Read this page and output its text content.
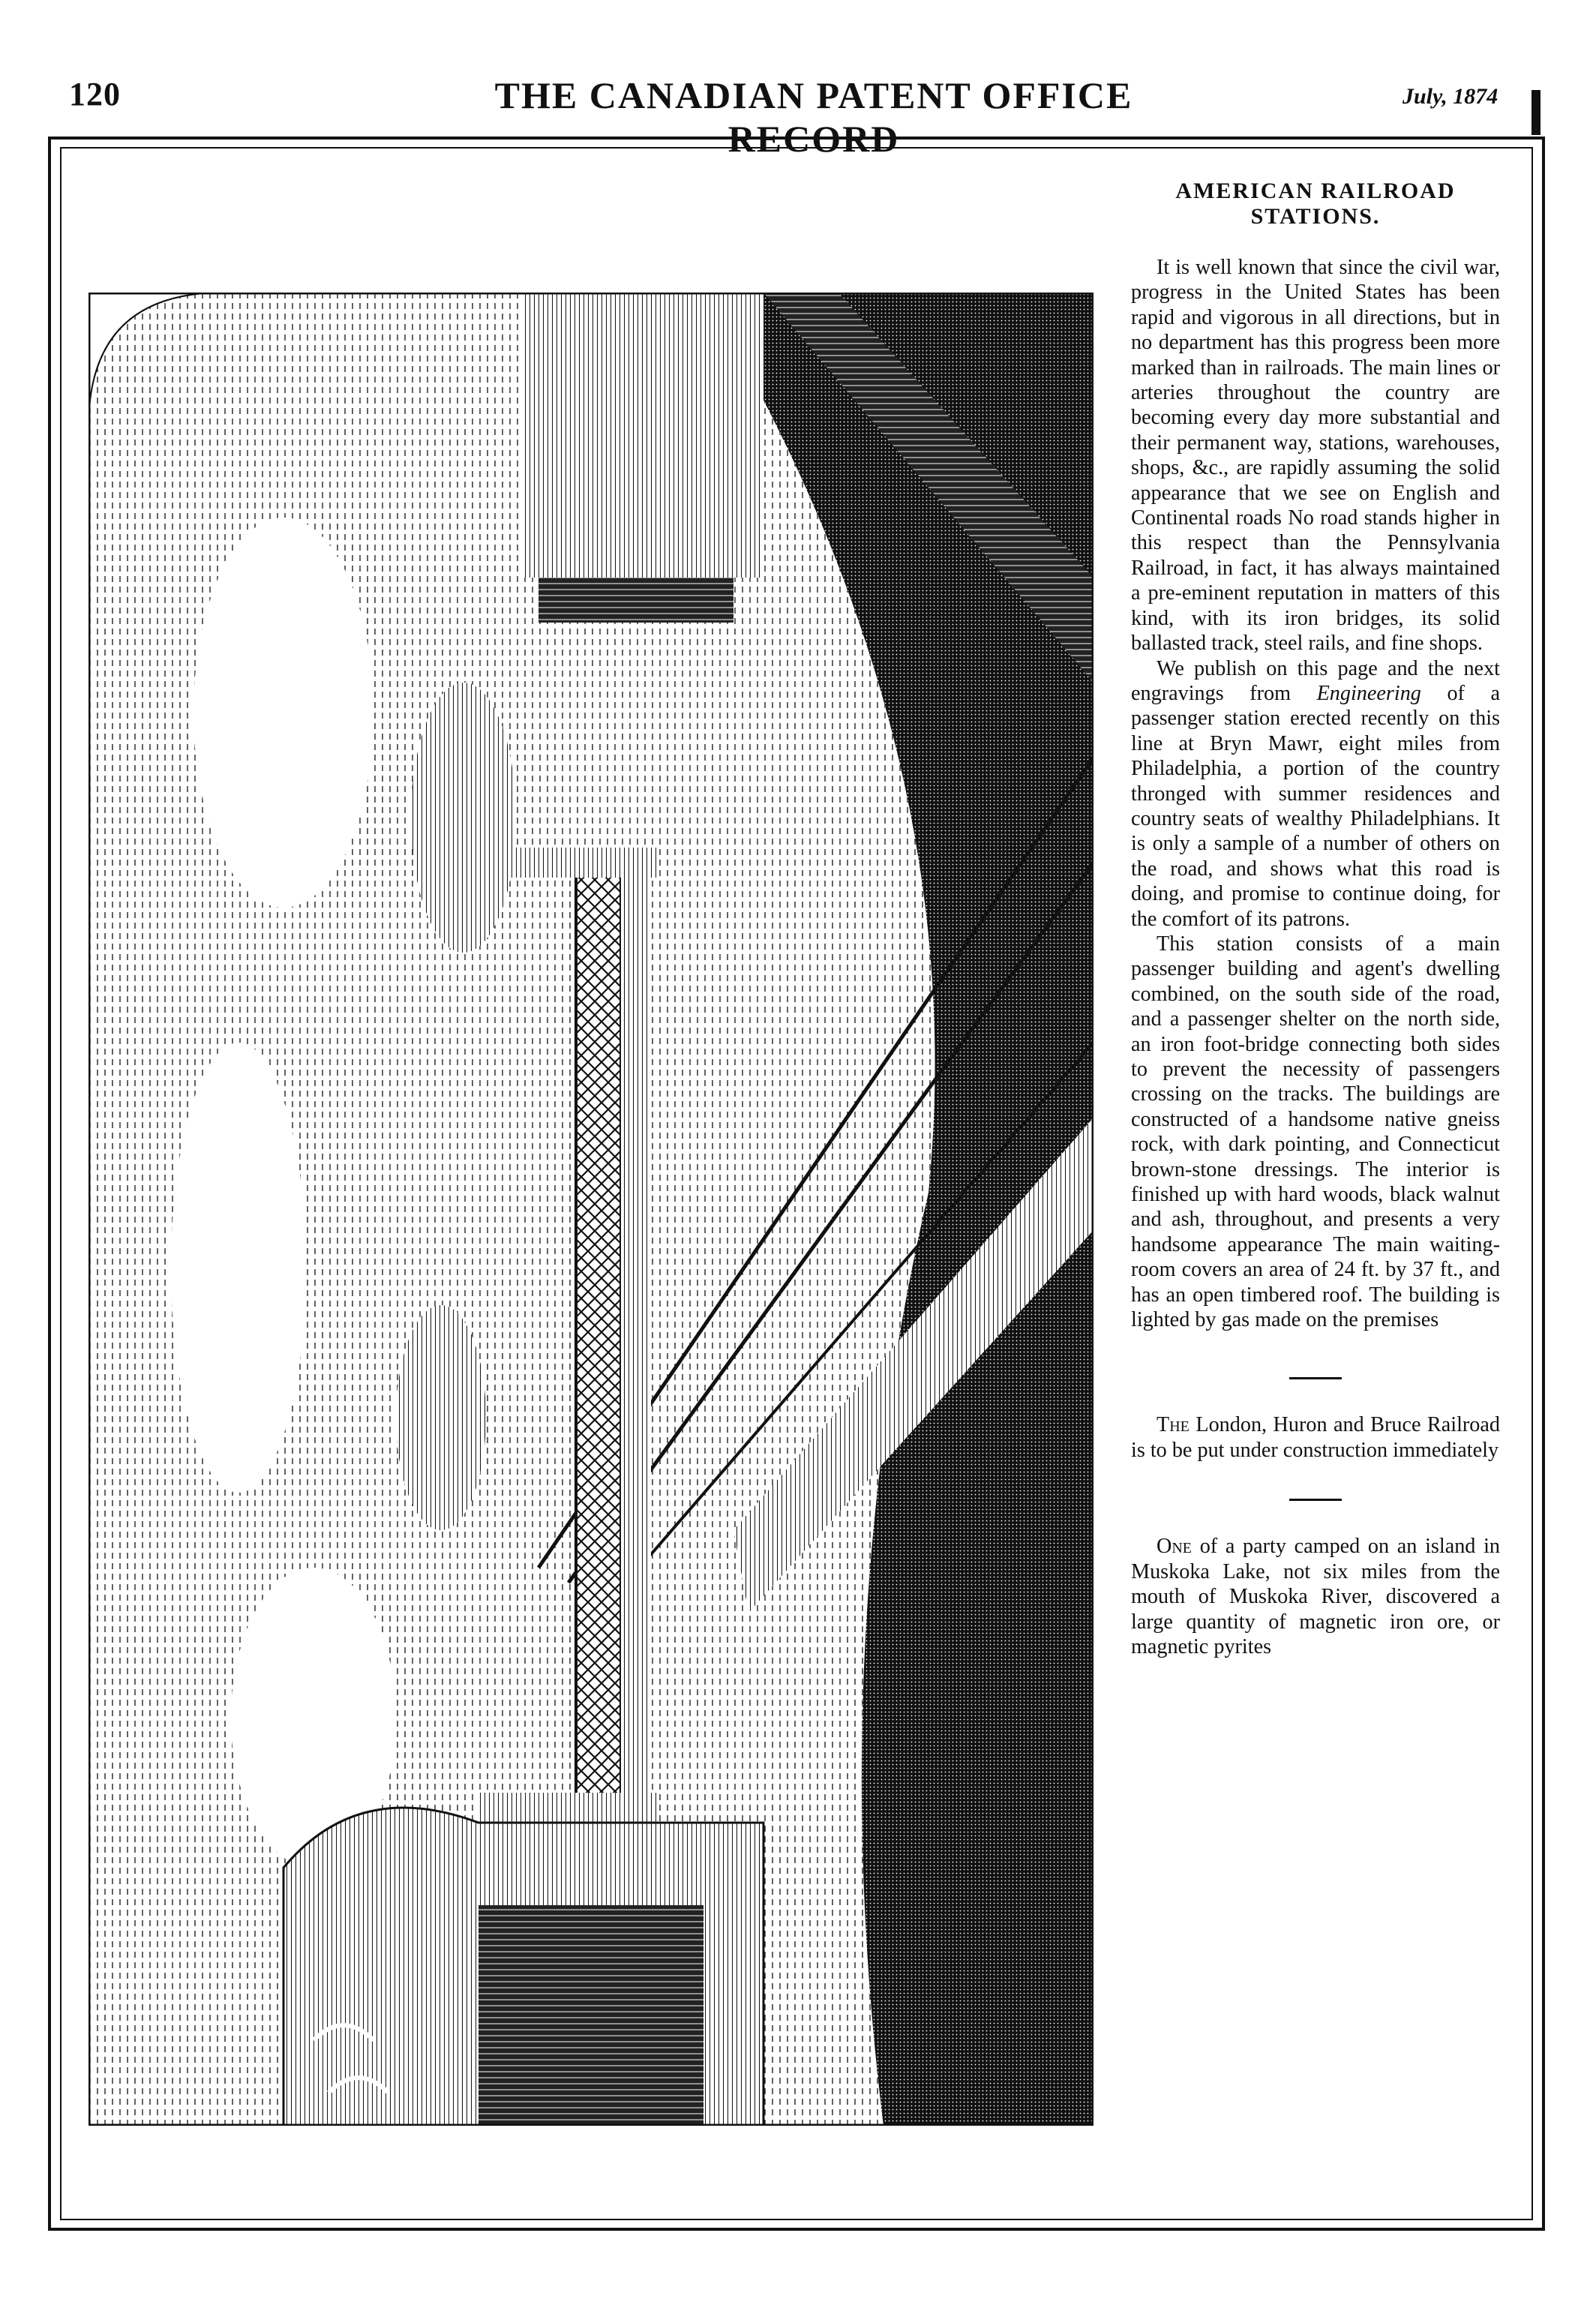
120	THE CANADIAN PATENT OFFICE RECORD
July, 1874
AMERICAN RAILROAD STATIONS.

It is well known that since the civil war, progress in the United States has been rapid and vigorous in all directions, but in no department has this progress been more marked than in railroads. The main lines or arteries throughout the country are becoming every day more substantial and their permanent way, stations, warehouses, shops, &c., are rapidly assuming the solid appearance that we see on English and Continental roads No road stands higher in this respect than the Pennsylvania Railroad, in fact, it has always maintained a pre-eminent reputation in matters of this kind, with its iron bridges, its solid ballasted track, steel rails, and fine shops.

We publish on this page and the next engravings from Engineering of a passenger station erected recently on this line at Bryn Mawr, eight miles from Philadelphia, a portion of the country thronged with summer residences and country seats of wealthy Philadelphians. It is only a sample of a number of others on the road, and shows what this road is doing, and promise to continue doing, for the comfort of its patrons.

This station consists of a main passenger building and agent's dwelling combined, on the south side of the road, and a passenger shelter on the north side, an iron foot-bridge connecting both sides to prevent the necessity of passengers crossing on the tracks. The buildings are constructed of a handsome native gneiss rock, with dark pointing, and Connecticut brown-stone dressings. The interior is finished up with hard woods, black walnut and ash, throughout, and presents a very handsome appearance The main waiting-room covers an area of 24 ft. by 37 ft., and has an open timbered roof. The building is lighted by gas made on the premises

The London, Huron and Bruce Railroad is to be put under construction immediately

One of a party camped on an island in Muskoka Lake, not six miles from the mouth of Muskoka River, discovered a large quantity of magnetic iron ore, or magnetic pyrites
